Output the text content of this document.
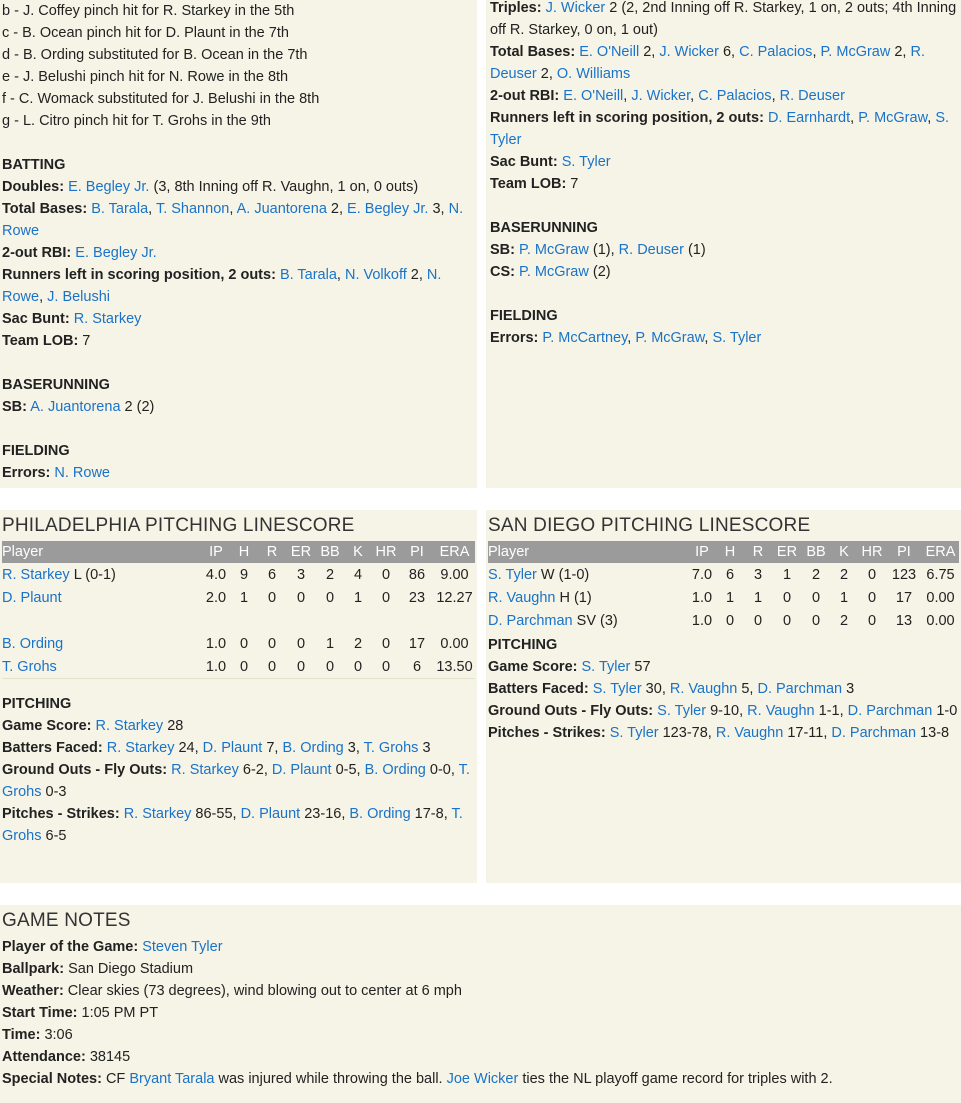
b - J. Coffey pinch hit for R. Starkey in the 5th
c - B. Ocean pinch hit for D. Plaunt in the 7th
d - B. Ording substituted for B. Ocean in the 7th
e - J. Belushi pinch hit for N. Rowe in the 8th
f - C. Womack substituted for J. Belushi in the 8th
g - L. Citro pinch hit for T. Grohs in the 9th
BATTING
Doubles: E. Begley Jr. (3, 8th Inning off R. Vaughn, 1 on, 0 outs)
Total Bases: B. Tarala, T. Shannon, A. Juantorena 2, E. Begley Jr. 3, N. Rowe
2-out RBI: E. Begley Jr.
Runners left in scoring position, 2 outs: B. Tarala, N. Volkoff 2, N. Rowe, J. Belushi
Sac Bunt: R. Starkey
Team LOB: 7
BASERUNNING
SB: A. Juantorena 2 (2)
FIELDING
Errors: N. Rowe
Triples: J. Wicker 2 (2, 2nd Inning off R. Starkey, 1 on, 2 outs; 4th Inning off R. Starkey, 0 on, 1 out)
Total Bases: E. O'Neill 2, J. Wicker 6, C. Palacios, P. McGraw 2, R. Deuser 2, O. Williams
2-out RBI: E. O'Neill, J. Wicker, C. Palacios, R. Deuser
Runners left in scoring position, 2 outs: D. Earnhardt, P. McGraw, S. Tyler
Sac Bunt: S. Tyler
Team LOB: 7
BASERUNNING
SB: P. McGraw (1), R. Deuser (1)
CS: P. McGraw (2)
FIELDING
Errors: P. McCartney, P. McGraw, S. Tyler
PHILADELPHIA PITCHING LINESCORE
Player	IP	H	R	ER	BB	K	HR	PI	ERA
R. Starkey L (0-1)	4.0	9	6	3	2	4	0	86	9.00
D. Plaunt	2.0	1	0	0	0	1	0	23	12.27

B. Ording	1.0	0	0	0	1	2	0	17	0.00
T. Grohs	1.0	0	0	0	0	0	0	6	13.50
PITCHING
Game Score: R. Starkey 28
Batters Faced: R. Starkey 24, D. Plaunt 7, B. Ording 3, T. Grohs 3
Ground Outs - Fly Outs: R. Starkey 6-2, D. Plaunt 0-5, B. Ording 0-0, T. Grohs 0-3
Pitches - Strikes: R. Starkey 86-55, D. Plaunt 23-16, B. Ording 17-8, T. Grohs 6-5
SAN DIEGO PITCHING LINESCORE
Player	IP	H	R	ER	BB	K	HR	PI	ERA
S. Tyler W (1-0)	7.0	6	3	1	2	2	0	123	6.75
R. Vaughn H (1)	1.0	1	1	0	0	1	0	17	0.00
D. Parchman SV (3)	1.0	0	0	0	0	2	0	13	0.00
PITCHING
Game Score: S. Tyler 57
Batters Faced: S. Tyler 30, R. Vaughn 5, D. Parchman 3
Ground Outs - Fly Outs: S. Tyler 9-10, R. Vaughn 1-1, D. Parchman 1-0
Pitches - Strikes: S. Tyler 123-78, R. Vaughn 17-11, D. Parchman 13-8
GAME NOTES
Player of the Game: Steven Tyler
Ballpark: San Diego Stadium
Weather: Clear skies (73 degrees), wind blowing out to center at 6 mph
Start Time: 1:05 PM PT
Time: 3:06
Attendance: 38145
Special Notes: CF Bryant Tarala was injured while throwing the ball. Joe Wicker ties the NL playoff game record for triples with 2.
